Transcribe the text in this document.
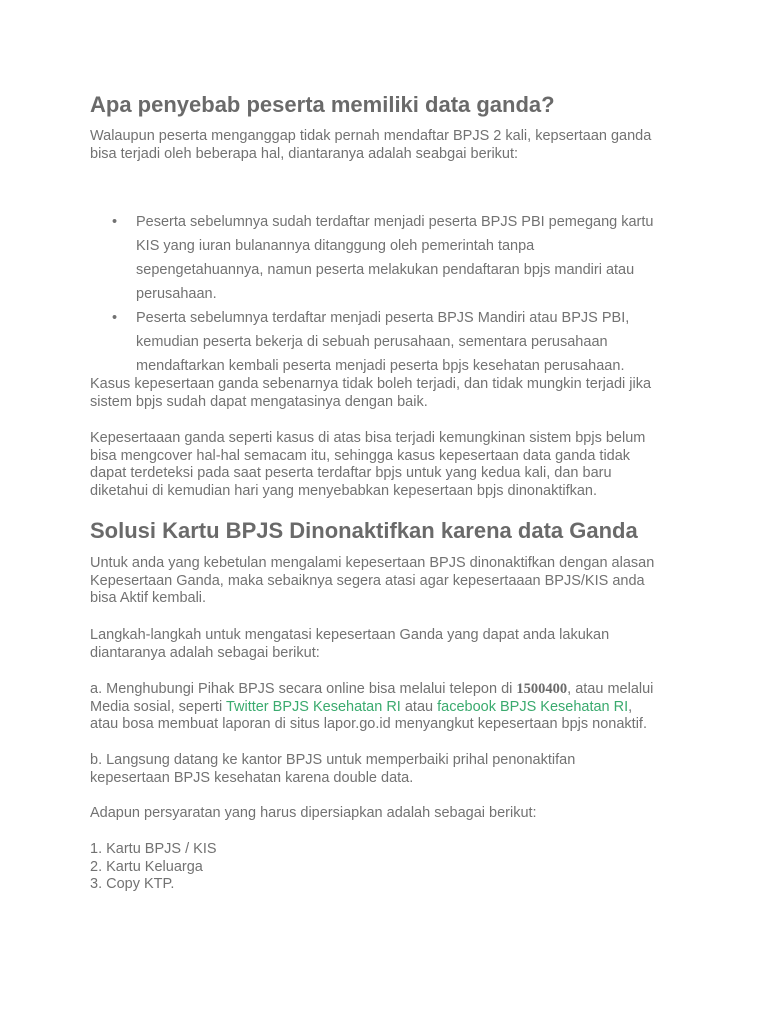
Apa penyebab peserta memiliki data ganda?
Walaupun peserta menganggap tidak pernah mendaftar BPJS 2 kali, kepsertaan ganda
bisa terjadi oleh beberapa hal, diantaranya adalah seabgai berikut:
• Peserta sebelumnya sudah terdaftar menjadi peserta BPJS PBI pemegang kartu
KIS yang iuran bulanannya ditanggung oleh pemerintah tanpa
sepengetahuannya, namun peserta melakukan pendaftaran bpjs mandiri atau
perusahaan.
• Peserta sebelumnya terdaftar menjadi peserta BPJS Mandiri atau BPJS PBI,
kemudian peserta bekerja di sebuah perusahaan, sementara perusahaan
mendaftarkan kembali peserta menjadi peserta bpjs kesehatan perusahaan.
Kasus kepesertaan ganda sebenarnya tidak boleh terjadi, dan tidak mungkin terjadi jika
sistem bpjs sudah dapat mengatasinya dengan baik.
Kepesertaaan ganda seperti kasus di atas bisa terjadi kemungkinan sistem bpjs belum
bisa mengcover hal-hal semacam itu, sehingga kasus kepesertaan data ganda tidak
dapat terdeteksi pada saat peserta terdaftar bpjs untuk yang kedua kali, dan baru
diketahui di kemudian hari yang menyebabkan kepesertaan bpjs dinonaktifkan.
Solusi Kartu BPJS Dinonaktifkan karena data Ganda
Untuk anda yang kebetulan mengalami kepesertaan BPJS dinonaktifkan dengan alasan
Kepesertaan Ganda, maka sebaiknya segera atasi agar kepesertaaan BPJS/KIS anda
bisa Aktif kembali.
Langkah-langkah untuk mengatasi kepesertaan Ganda yang dapat anda lakukan
diantaranya adalah sebagai berikut:
a. Menghubungi Pihak BPJS secara online bisa melalui telepon di 1500400, atau melalui
Media sosial, seperti Twitter BPJS Kesehatan RI atau facebook BPJS Kesehatan RI,
atau bosa membuat laporan di situs lapor.go.id menyangkut kepesertaan bpjs nonaktif.
b. Langsung datang ke kantor BPJS untuk memperbaiki prihal penonaktifan
kepesertaan BPJS kesehatan karena double data.
Adapun persyaratan yang harus dipersiapkan adalah sebagai berikut:
1. Kartu BPJS / KIS
2. Kartu Keluarga
3. Copy KTP.
